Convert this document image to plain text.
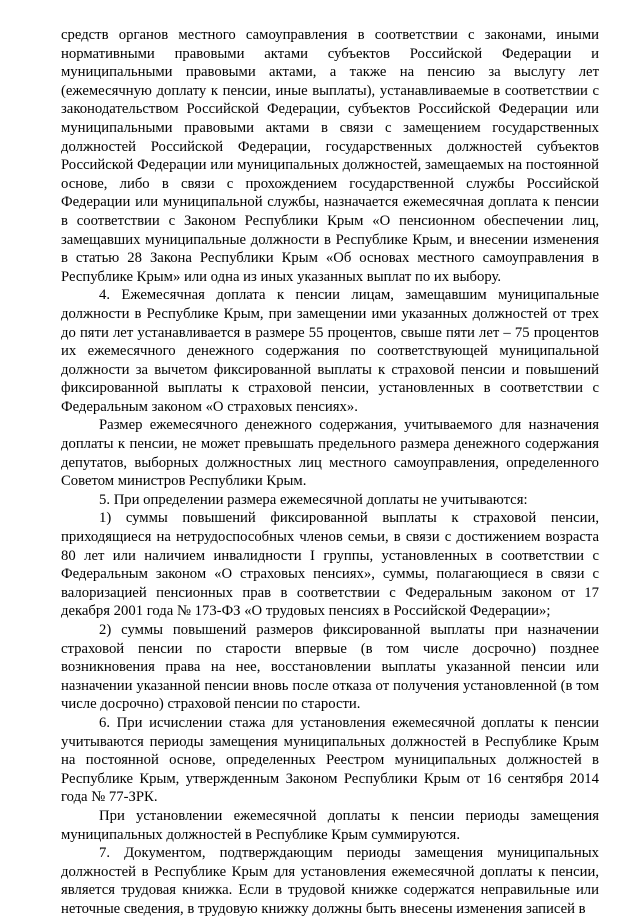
средств органов местного самоуправления в соответствии с законами, иными нормативными правовыми актами субъектов Российской Федерации и муниципальными правовыми актами, а также на пенсию за выслугу лет (ежемесячную доплату к пенсии, иные выплаты), устанавливаемые в соответствии с законодательством Российской Федерации, субъектов Российской Федерации или муниципальными правовыми актами в связи с замещением государственных должностей Российской Федерации, государственных должностей субъектов Российской Федерации или муниципальных должностей, замещаемых на постоянной основе, либо в связи с прохождением государственной службы Российской Федерации или муниципальной службы, назначается ежемесячная доплата к пенсии в соответствии с Законом Республики Крым «О пенсионном обеспечении лиц, замещавших муниципальные должности в Республике Крым, и внесении изменения в статью 28 Закона Республики Крым «Об основах местного самоуправления в Республике Крым» или одна из иных указанных выплат по их выбору.

4. Ежемесячная доплата к пенсии лицам, замещавшим муниципальные должности в Республике Крым, при замещении ими указанных должностей от трех до пяти лет устанавливается в размере 55 процентов, свыше пяти лет – 75 процентов их ежемесячного денежного содержания по соответствующей муниципальной должности за вычетом фиксированной выплаты к страховой пенсии и повышений фиксированной выплаты к страховой пенсии, установленных в соответствии с Федеральным законом «О страховых пенсиях».

Размер ежемесячного денежного содержания, учитываемого для назначения доплаты к пенсии, не может превышать предельного размера денежного содержания депутатов, выборных должностных лиц местного самоуправления, определенного Советом министров Республики Крым.

5. При определении размера ежемесячной доплаты не учитываются:

1) суммы повышений фиксированной выплаты к страховой пенсии, приходящиеся на нетрудоспособных членов семьи, в связи с достижением возраста 80 лет или наличием инвалидности I группы, установленных в соответствии с Федеральным законом «О страховых пенсиях», суммы, полагающиеся в связи с валоризацией пенсионных прав в соответствии с Федеральным законом от 17 декабря 2001 года № 173-ФЗ «О трудовых пенсиях в Российской Федерации»;

2) суммы повышений размеров фиксированной выплаты при назначении страховой пенсии по старости впервые (в том числе досрочно) позднее возникновения права на нее, восстановлении выплаты указанной пенсии или назначении указанной пенсии вновь после отказа от получения установленной (в том числе досрочно) страховой пенсии по старости.

6. При исчислении стажа для установления ежемесячной доплаты к пенсии учитываются периоды замещения муниципальных должностей в Республике Крым на постоянной основе, определенных Реестром муниципальных должностей в Республике Крым, утвержденным Законом Республики Крым от 16 сентября 2014 года № 77-ЗРК.

При установлении ежемесячной доплаты к пенсии периоды замещения муниципальных должностей в Республике Крым суммируются.

7. Документом, подтверждающим периоды замещения муниципальных должностей в Республике Крым для установления ежемесячной доплаты к пенсии, является трудовая книжка. Если в трудовой книжке содержатся неправильные или неточные сведения, в трудовую книжку должны быть внесены изменения записей в
